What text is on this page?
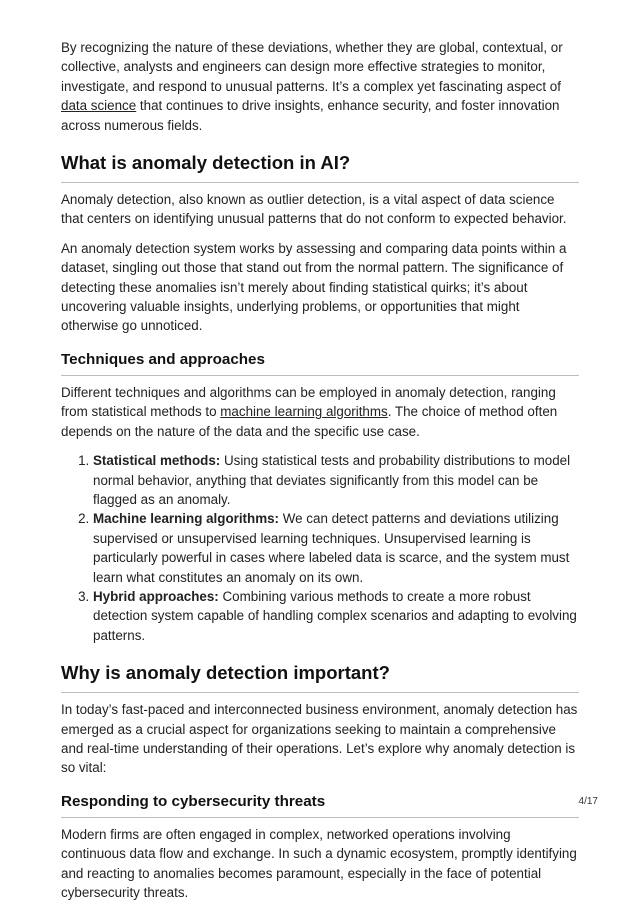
By recognizing the nature of these deviations, whether they are global, contextual, or collective, analysts and engineers can design more effective strategies to monitor, investigate, and respond to unusual patterns. It’s a complex yet fascinating aspect of data science that continues to drive insights, enhance security, and foster innovation across numerous fields.

What is anomaly detection in AI?

Anomaly detection, also known as outlier detection, is a vital aspect of data science that centers on identifying unusual patterns that do not conform to expected behavior.

An anomaly detection system works by assessing and comparing data points within a dataset, singling out those that stand out from the normal pattern. The significance of detecting these anomalies isn’t merely about finding statistical quirks; it’s about uncovering valuable insights, underlying problems, or opportunities that might otherwise go unnoticed.

Techniques and approaches

Different techniques and algorithms can be employed in anomaly detection, ranging from statistical methods to machine learning algorithms. The choice of method often depends on the nature of the data and the specific use case.

1. Statistical methods: Using statistical tests and probability distributions to model normal behavior, anything that deviates significantly from this model can be flagged as an anomaly.
2. Machine learning algorithms: We can detect patterns and deviations utilizing supervised or unsupervised learning techniques. Unsupervised learning is particularly powerful in cases where labeled data is scarce, and the system must learn what constitutes an anomaly on its own.
3. Hybrid approaches: Combining various methods to create a more robust detection system capable of handling complex scenarios and adapting to evolving patterns.
Why is anomaly detection important?

In today’s fast-paced and interconnected business environment, anomaly detection has emerged as a crucial aspect for organizations seeking to maintain a comprehensive and real-time understanding of their operations. Let’s explore why anomaly detection is so vital:

Responding to cybersecurity threats

Modern firms are often engaged in complex, networked operations involving continuous data flow and exchange. In such a dynamic ecosystem, promptly identifying and reacting to anomalies becomes paramount, especially in the face of potential cybersecurity threats.

4/17
